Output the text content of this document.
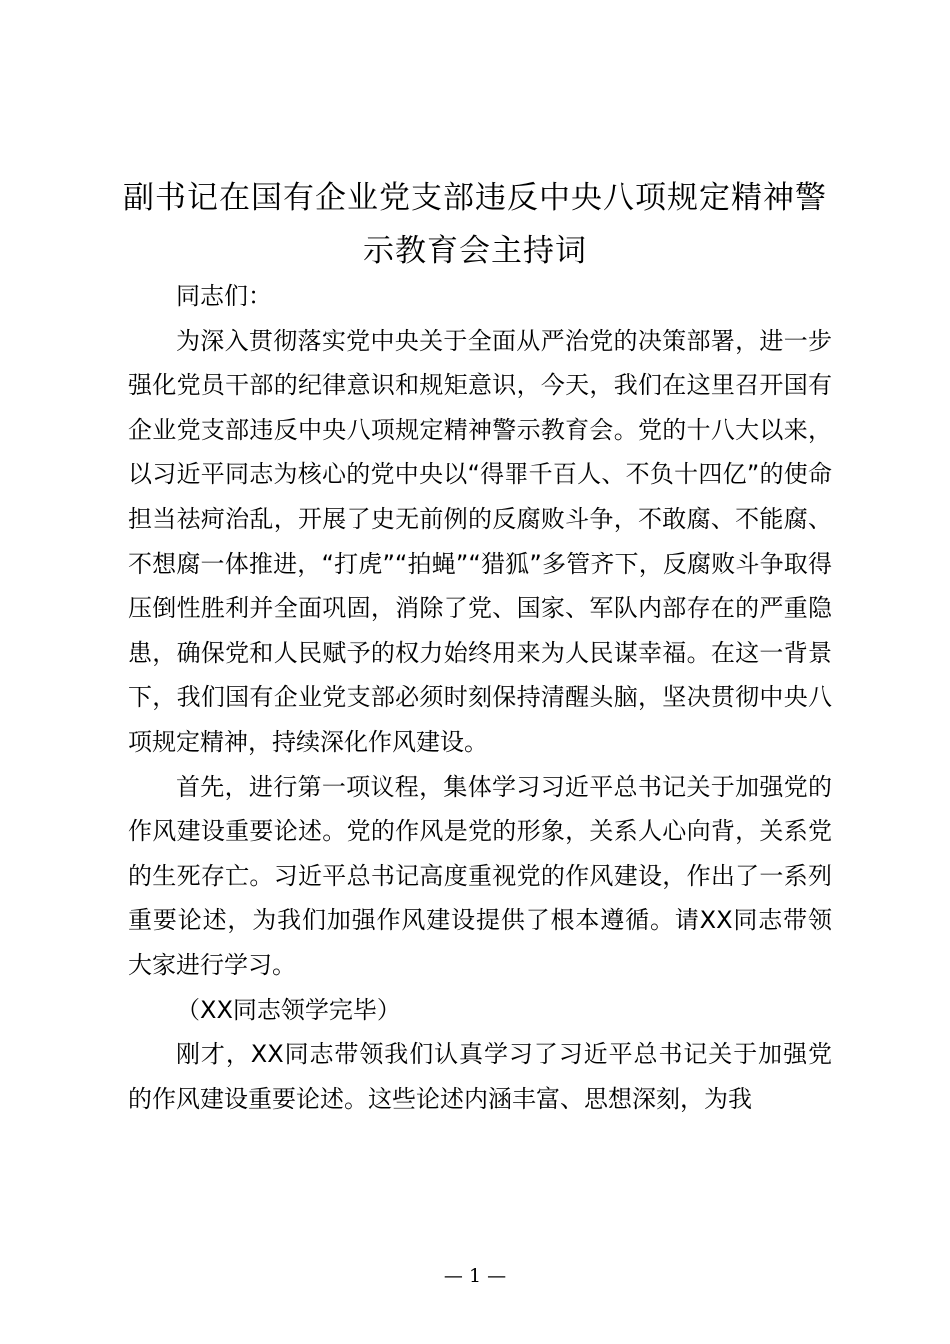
副书记在国有企业党支部违反中央八项规定精神警示教育会主持词

同志们：

为深入贯彻落实党中央关于全面从严治党的决策部署，进一步强化党员干部的纪律意识和规矩意识，今天，我们在这里召开国有企业党支部违反中央八项规定精神警示教育会。党的十八大以来，以习近平同志为核心的党中央以“得罪千百人、不负十四亿”的使命担当祛疴治乱，开展了史无前例的反腐败斗争，不敢腐、不能腐、不想腐一体推进，“打虎”“拍蝇”“猎狐”多管齐下，反腐败斗争取得压倒性胜利并全面巩固，消除了党、国家、军队内部存在的严重隐患，确保党和人民赋予的权力始终用来为人民谋幸福。在这一背景下，我们国有企业党支部必须时刻保持清醒头脑，坚决贯彻中央八项规定精神，持续深化作风建设。

首先，进行第一项议程，集体学习习近平总书记关于加强党的作风建设重要论述。党的作风是党的形象，关系人心向背，关系党的生死存亡。习近平总书记高度重视党的作风建设，作出了一系列重要论述，为我们加强作风建设提供了根本遵循。请XX同志带领大家进行学习。

（XX同志领学完毕）

刚才，XX同志带领我们认真学习了习近平总书记关于加强党的作风建设重要论述。这些论述内涵丰富、思想深刻，为我

— 1 —
